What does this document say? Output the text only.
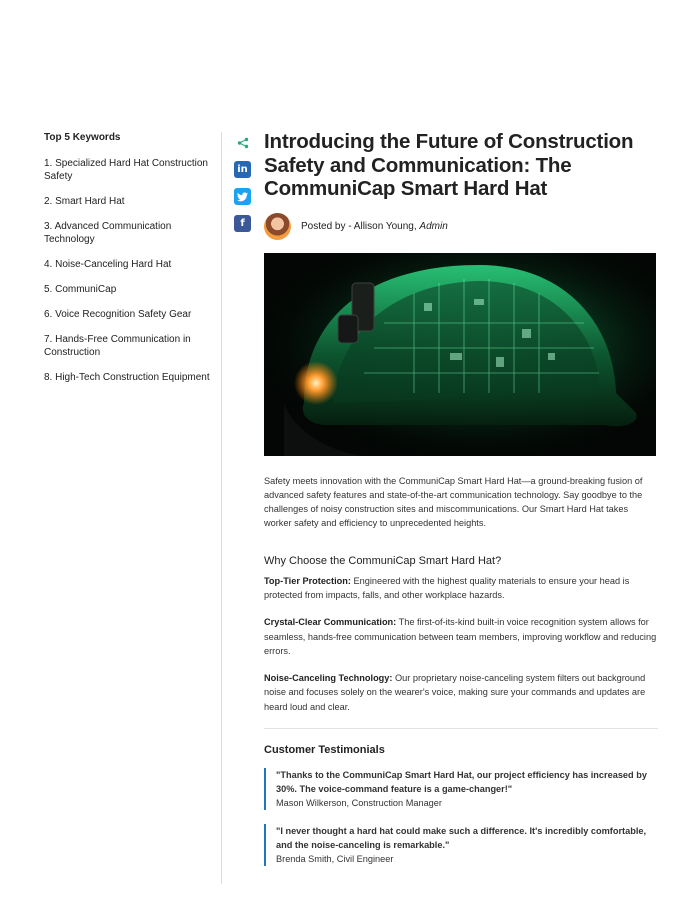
Top 5 Keywords
1. Specialized Hard Hat Construction Safety
2. Smart Hard Hat
3. Advanced Communication Technology
4. Noise-Canceling Hard Hat
5. CommuniCap
6. Voice Recognition Safety Gear
7. Hands-Free Communication in Construction
8. High-Tech Construction Equipment
in
f
Introducing the Future of Construction Safety and Communication: The CommuniCap Smart Hard Hat
Posted by - Allison Young, Admin

Safety meets innovation with the CommuniCap Smart Hard Hat—a ground-breaking fusion of advanced safety features and state-of-the-art communication technology. Say goodbye to the challenges of noisy construction sites and miscommunications. Our Smart Hard Hat takes worker safety and efficiency to unprecedented heights.

Why Choose the CommuniCap Smart Hard Hat?

Top-Tier Protection: Engineered with the highest quality materials to ensure your head is protected from impacts, falls, and other workplace hazards.

Crystal-Clear Communication: The first-of-its-kind built-in voice recognition system allows for seamless, hands-free communication between team members, improving workflow and reducing errors.

Noise-Canceling Technology: Our proprietary noise-canceling system filters out background noise and focuses solely on the wearer's voice, making sure your commands and updates are heard loud and clear.

Customer Testimonials
"Thanks to the CommuniCap Smart Hard Hat, our project efficiency has increased by 30%. The voice-command feature is a game-changer!"
Mason Wilkerson, Construction Manager
"I never thought a hard hat could make such a difference. It's incredibly comfortable, and the noise-canceling is remarkable."
Brenda Smith, Civil Engineer
